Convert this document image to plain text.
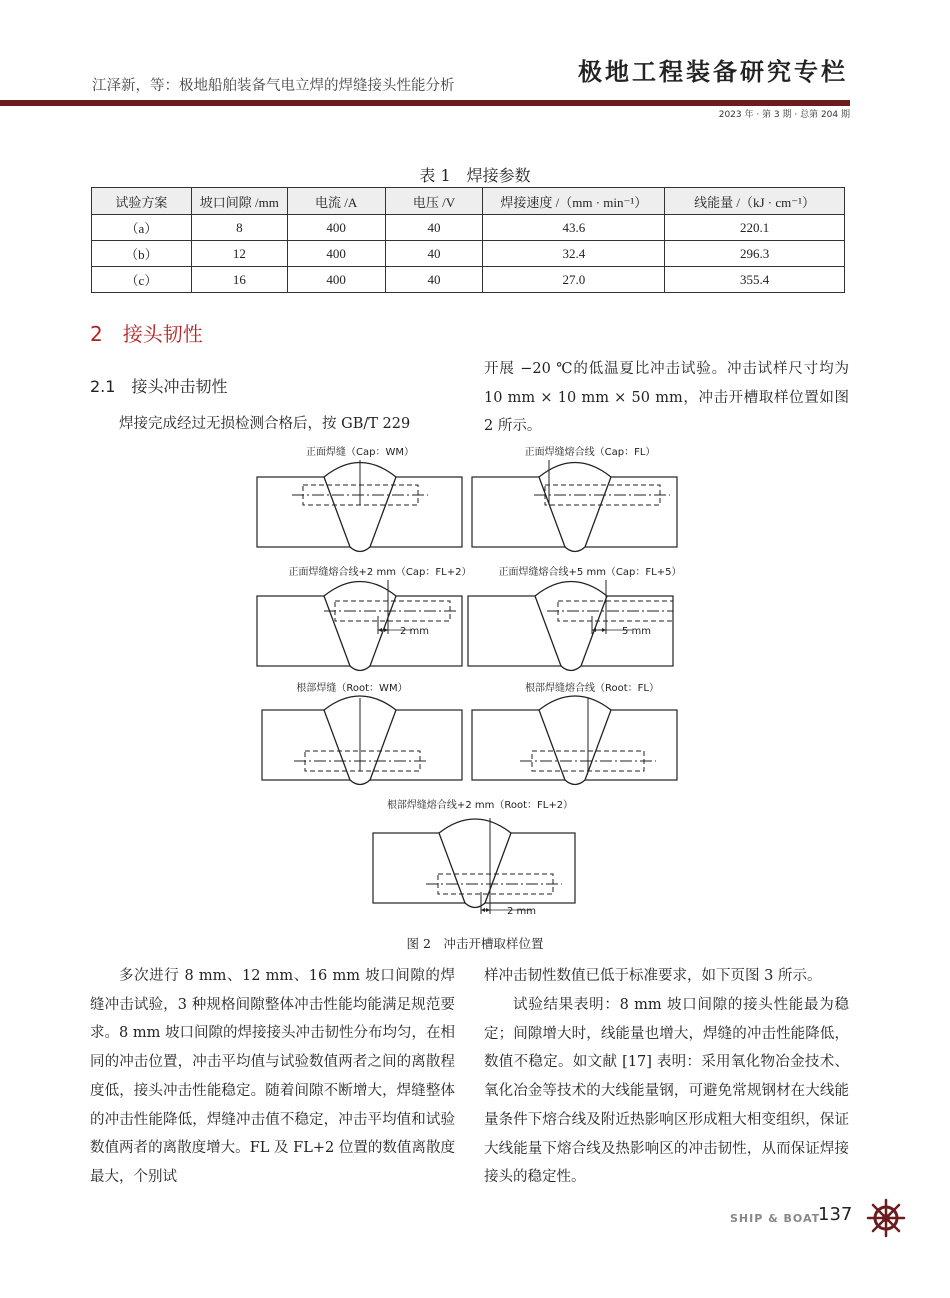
江泽新，等：极地船舶装备气电立焊的焊缝接头性能分析	极地工程装备研究专栏
2023 年 · 第 3 期 · 总第 204 期
表 1　焊接参数
试验方案	坡口间隙 /mm	电流 /A	电压 /V	焊接速度 /（mm · min⁻¹）	线能量 /（kJ · cm⁻¹）
（a）	8	400	40	43.6	220.1
（b）	12	400	40	32.4	296.3
（c）	16	400	40	27.0	355.4
2　接头韧性
2.1　接头冲击韧性
焊接完成经过无损检测合格后，按 GB/T 229
开展 −20 ℃的低温夏比冲击试验。冲击试样尺寸均为 10 mm × 10 mm × 50 mm，冲击开槽取样位置如图 2 所示。
正面焊缝（Cap：WM）	正面焊缝熔合线（Cap：FL）
正面焊缝熔合线+2 mm（Cap：FL+2）
2 mm
正面焊缝熔合线+5 mm（Cap：FL+5）
5 mm
根部焊缝（Root：WM）	根部焊缝熔合线（Root：FL）
根部焊缝熔合线+2 mm（Root：FL+2）
2 mm
图 2　冲击开槽取样位置
多次进行 8 mm、12 mm、16 mm 坡口间隙的焊缝冲击试验，3 种规格间隙整体冲击性能均能满足规范要求。8 mm 坡口间隙的焊接接头冲击韧性分布均匀，在相同的冲击位置，冲击平均值与试验数值两者之间的离散程度低，接头冲击性能稳定。随着间隙不断增大，焊缝整体的冲击性能降低，焊缝冲击值不稳定，冲击平均值和试验数值两者的离散度增大。FL 及 FL+2 位置的数值离散度最大，个别试
样冲击韧性数值已低于标准要求，如下页图 3 所示。
试验结果表明：8 mm 坡口间隙的接头性能最为稳定；间隙增大时，线能量也增大，焊缝的冲击性能降低，数值不稳定。如文献 [17] 表明：采用氧化物冶金技术、氧化冶金等技术的大线能量钢，可避免常规钢材在大线能量条件下熔合线及附近热影响区形成粗大相变组织，保证大线能量下熔合线及热影响区的冲击韧性，从而保证焊接接头的稳定性。
SHIP & BOAT
137
